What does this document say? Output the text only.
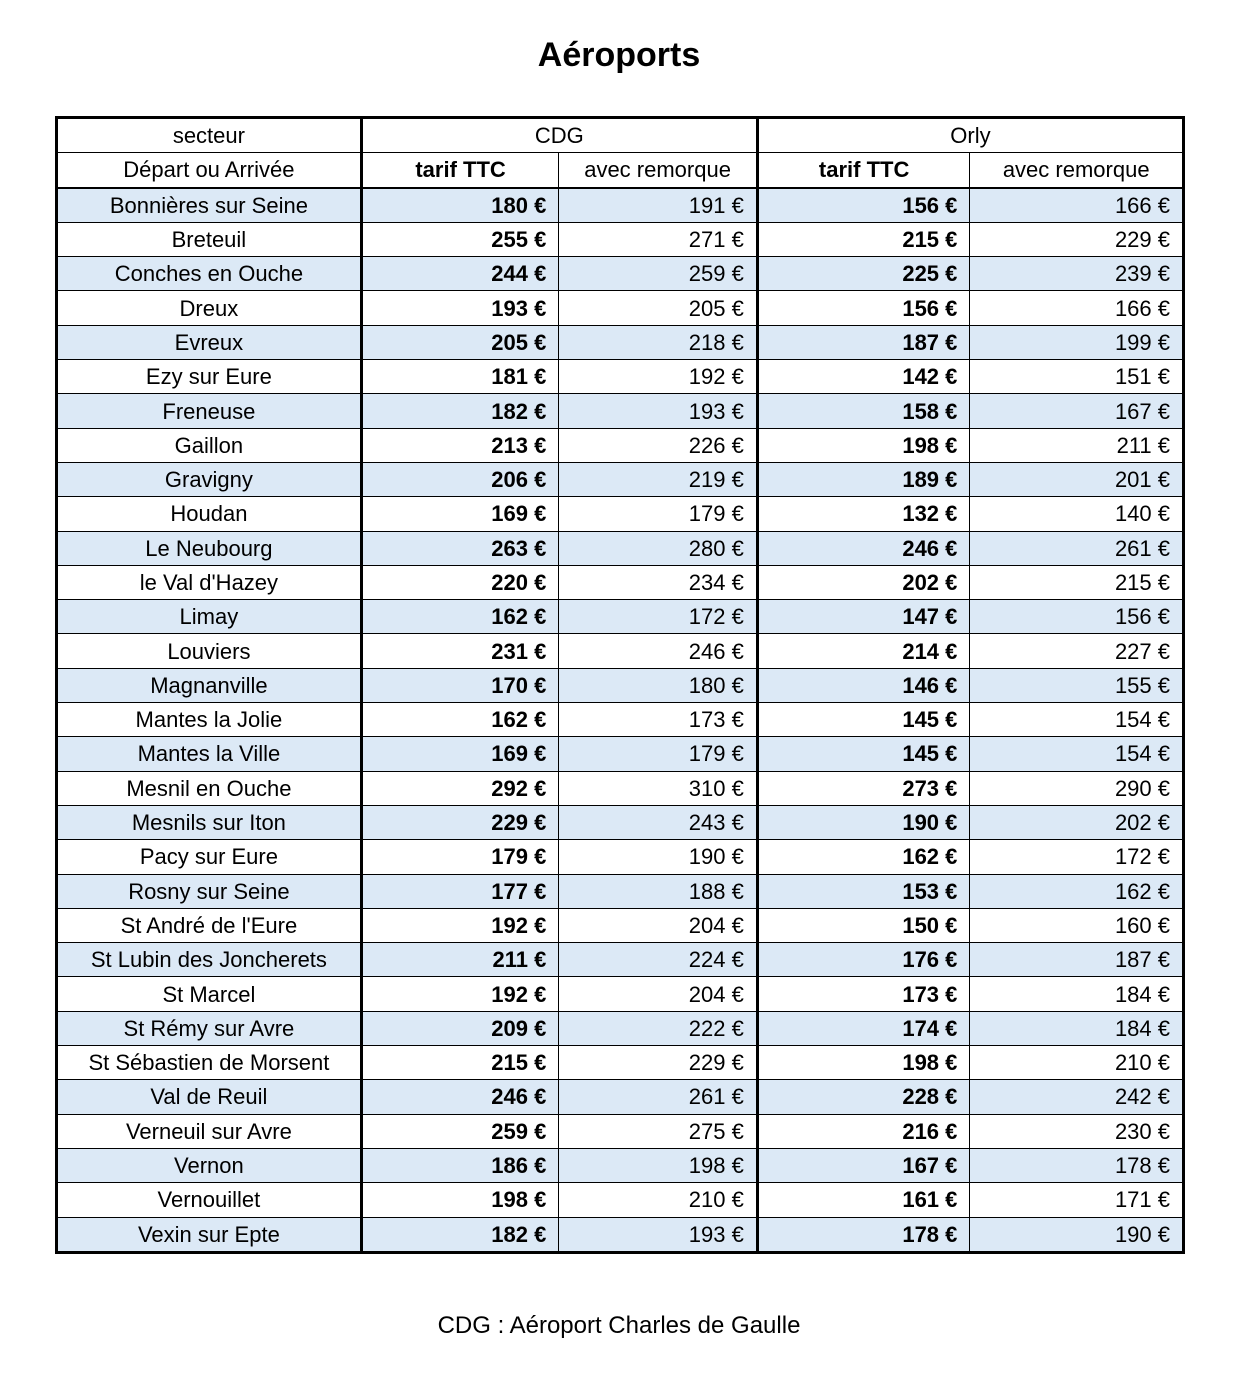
Aéroports
secteur	CDG		Orly	
Départ ou Arrivée	tarif TTC	avec remorque	tarif TTC	avec remorque
Bonnières sur Seine	180 €	191 €	156 €	166 €
Breteuil	255 €	271 €	215 €	229 €
Conches en Ouche	244 €	259 €	225 €	239 €
Dreux	193 €	205 €	156 €	166 €
Evreux	205 €	218 €	187 €	199 €
Ezy sur Eure	181 €	192 €	142 €	151 €
Freneuse	182 €	193 €	158 €	167 €
Gaillon	213 €	226 €	198 €	211 €
Gravigny	206 €	219 €	189 €	201 €
Houdan	169 €	179 €	132 €	140 €
Le Neubourg	263 €	280 €	246 €	261 €
le Val d'Hazey	220 €	234 €	202 €	215 €
Limay	162 €	172 €	147 €	156 €
Louviers	231 €	246 €	214 €	227 €
Magnanville	170 €	180 €	146 €	155 €
Mantes la Jolie	162 €	173 €	145 €	154 €
Mantes la Ville	169 €	179 €	145 €	154 €
Mesnil en Ouche	292 €	310 €	273 €	290 €
Mesnils sur Iton	229 €	243 €	190 €	202 €
Pacy sur Eure	179 €	190 €	162 €	172 €
Rosny sur Seine	177 €	188 €	153 €	162 €
St André de l'Eure	192 €	204 €	150 €	160 €
St Lubin des Joncherets	211 €	224 €	176 €	187 €
St Marcel	192 €	204 €	173 €	184 €
St Rémy sur Avre	209 €	222 €	174 €	184 €
St Sébastien de Morsent	215 €	229 €	198 €	210 €
Val de Reuil	246 €	261 €	228 €	242 €
Verneuil sur Avre	259 €	275 €	216 €	230 €
Vernon	186 €	198 €	167 €	178 €
Vernouillet	198 €	210 €	161 €	171 €
Vexin sur Epte	182 €	193 €	178 €	190 €
CDG : Aéroport Charles de Gaulle
